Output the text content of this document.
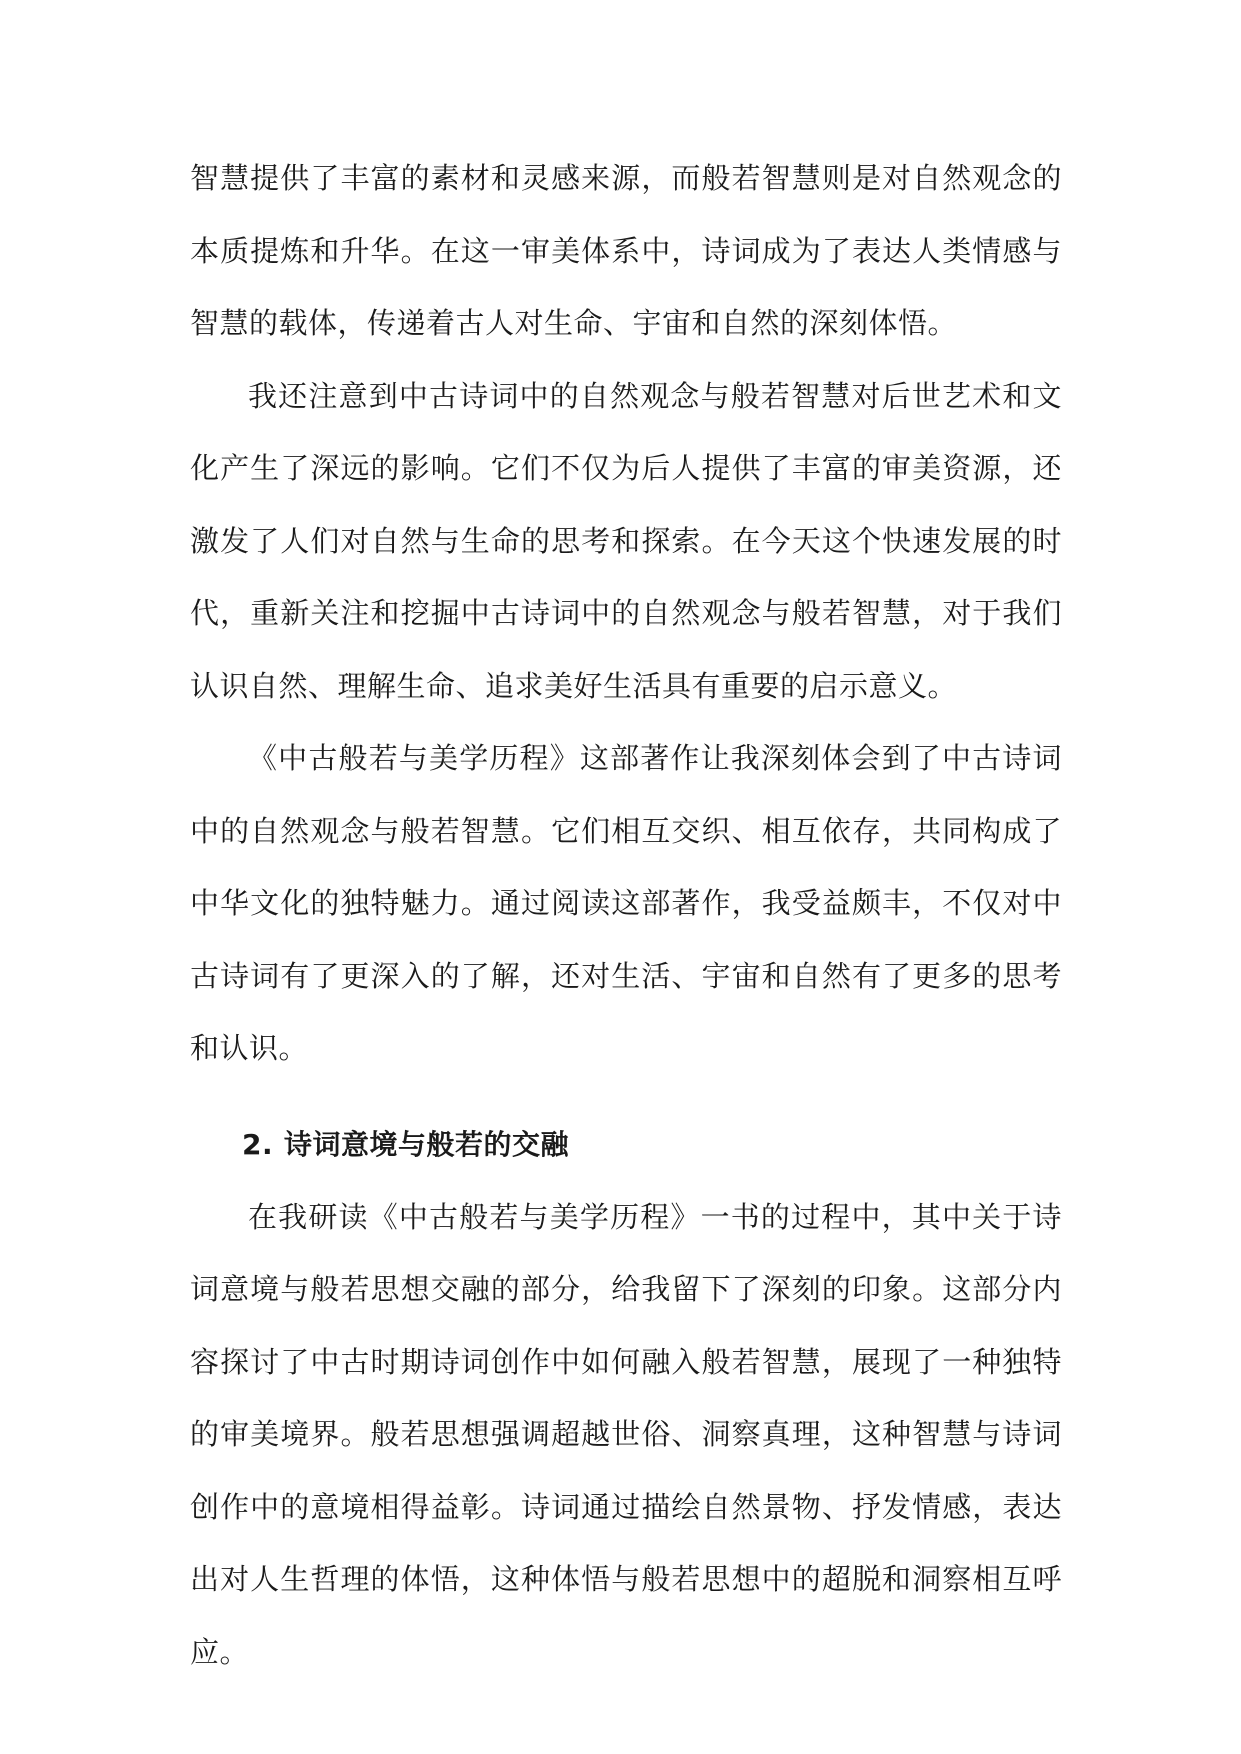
智慧提供了丰富的素材和灵感来源，而般若智慧则是对自然观念的本质提炼和升华。在这一审美体系中，诗词成为了表达人类情感与智慧的载体，传递着古人对生命、宇宙和自然的深刻体悟。

我还注意到中古诗词中的自然观念与般若智慧对后世艺术和文化产生了深远的影响。它们不仅为后人提供了丰富的审美资源，还激发了人们对自然与生命的思考和探索。在今天这个快速发展的时代，重新关注和挖掘中古诗词中的自然观念与般若智慧，对于我们认识自然、理解生命、追求美好生活具有重要的启示意义。

《中古般若与美学历程》这部著作让我深刻体会到了中古诗词中的自然观念与般若智慧。它们相互交织、相互依存，共同构成了中华文化的独特魅力。通过阅读这部著作，我受益颇丰，不仅对中古诗词有了更深入的了解，还对生活、宇宙和自然有了更多的思考和认识。

2. 诗词意境与般若的交融

在我研读《中古般若与美学历程》一书的过程中，其中关于诗词意境与般若思想交融的部分，给我留下了深刻的印象。这部分内容探讨了中古时期诗词创作中如何融入般若智慧，展现了一种独特的审美境界。般若思想强调超越世俗、洞察真理，这种智慧与诗词创作中的意境相得益彰。诗词通过描绘自然景物、抒发情感，表达出对人生哲理的体悟，这种体悟与般若思想中的超脱和洞察相互呼应。
